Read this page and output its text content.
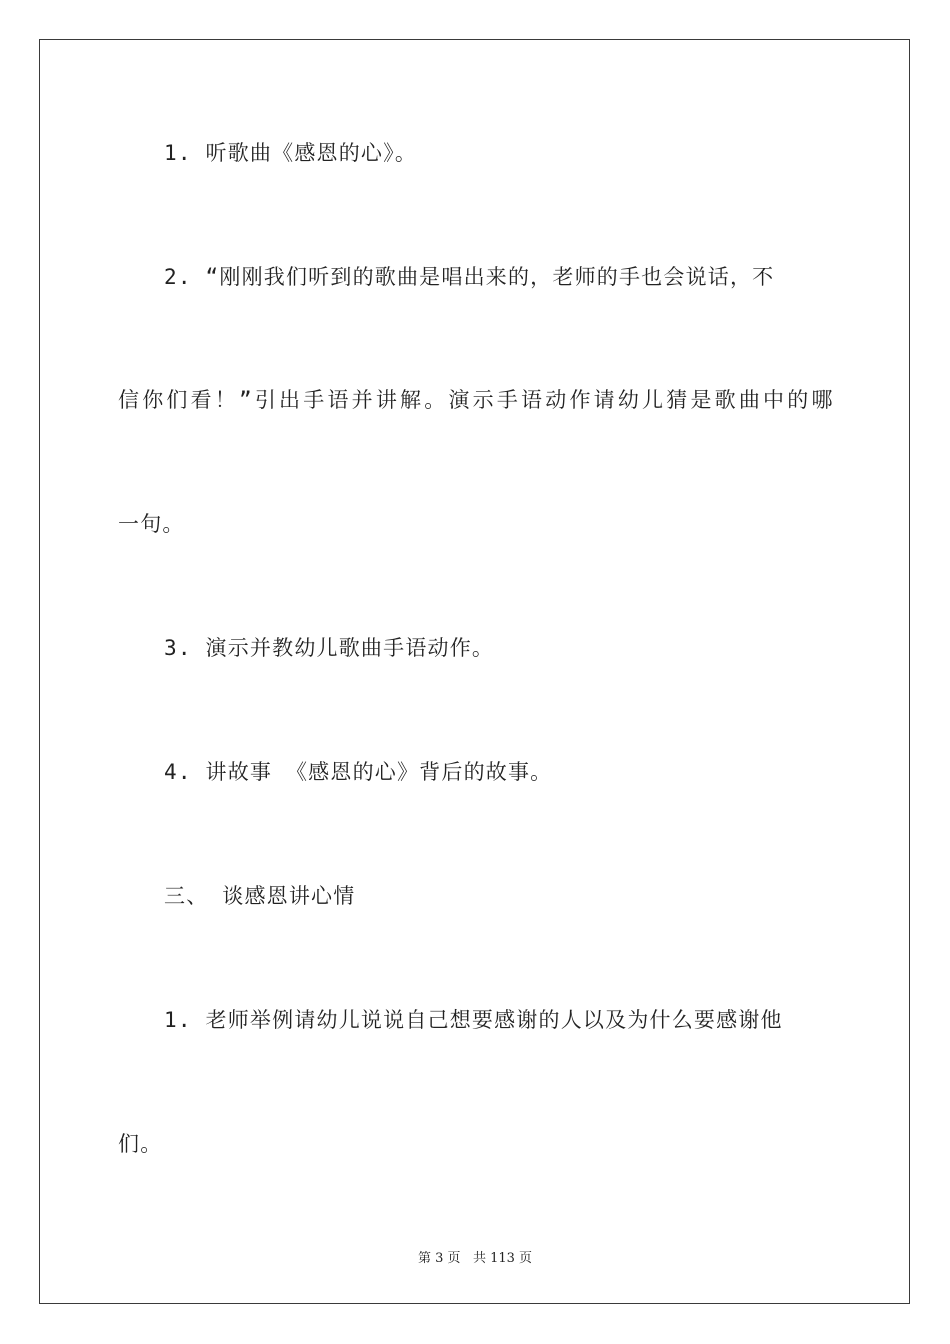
1. 听歌曲《感恩的心》。
2. “刚刚我们听到的歌曲是唱出来的，老师的手也会说话，不
信你们看！”引出手语并讲解。演示手语动作请幼儿猜是歌曲中的哪
一句。
3. 演示并教幼儿歌曲手语动作。
4. 讲故事 《感恩的心》背后的故事。
三、 谈感恩讲心情
1. 老师举例请幼儿说说自己想要感谢的人以及为什么要感谢他
们。
第 3 页 共 113 页
